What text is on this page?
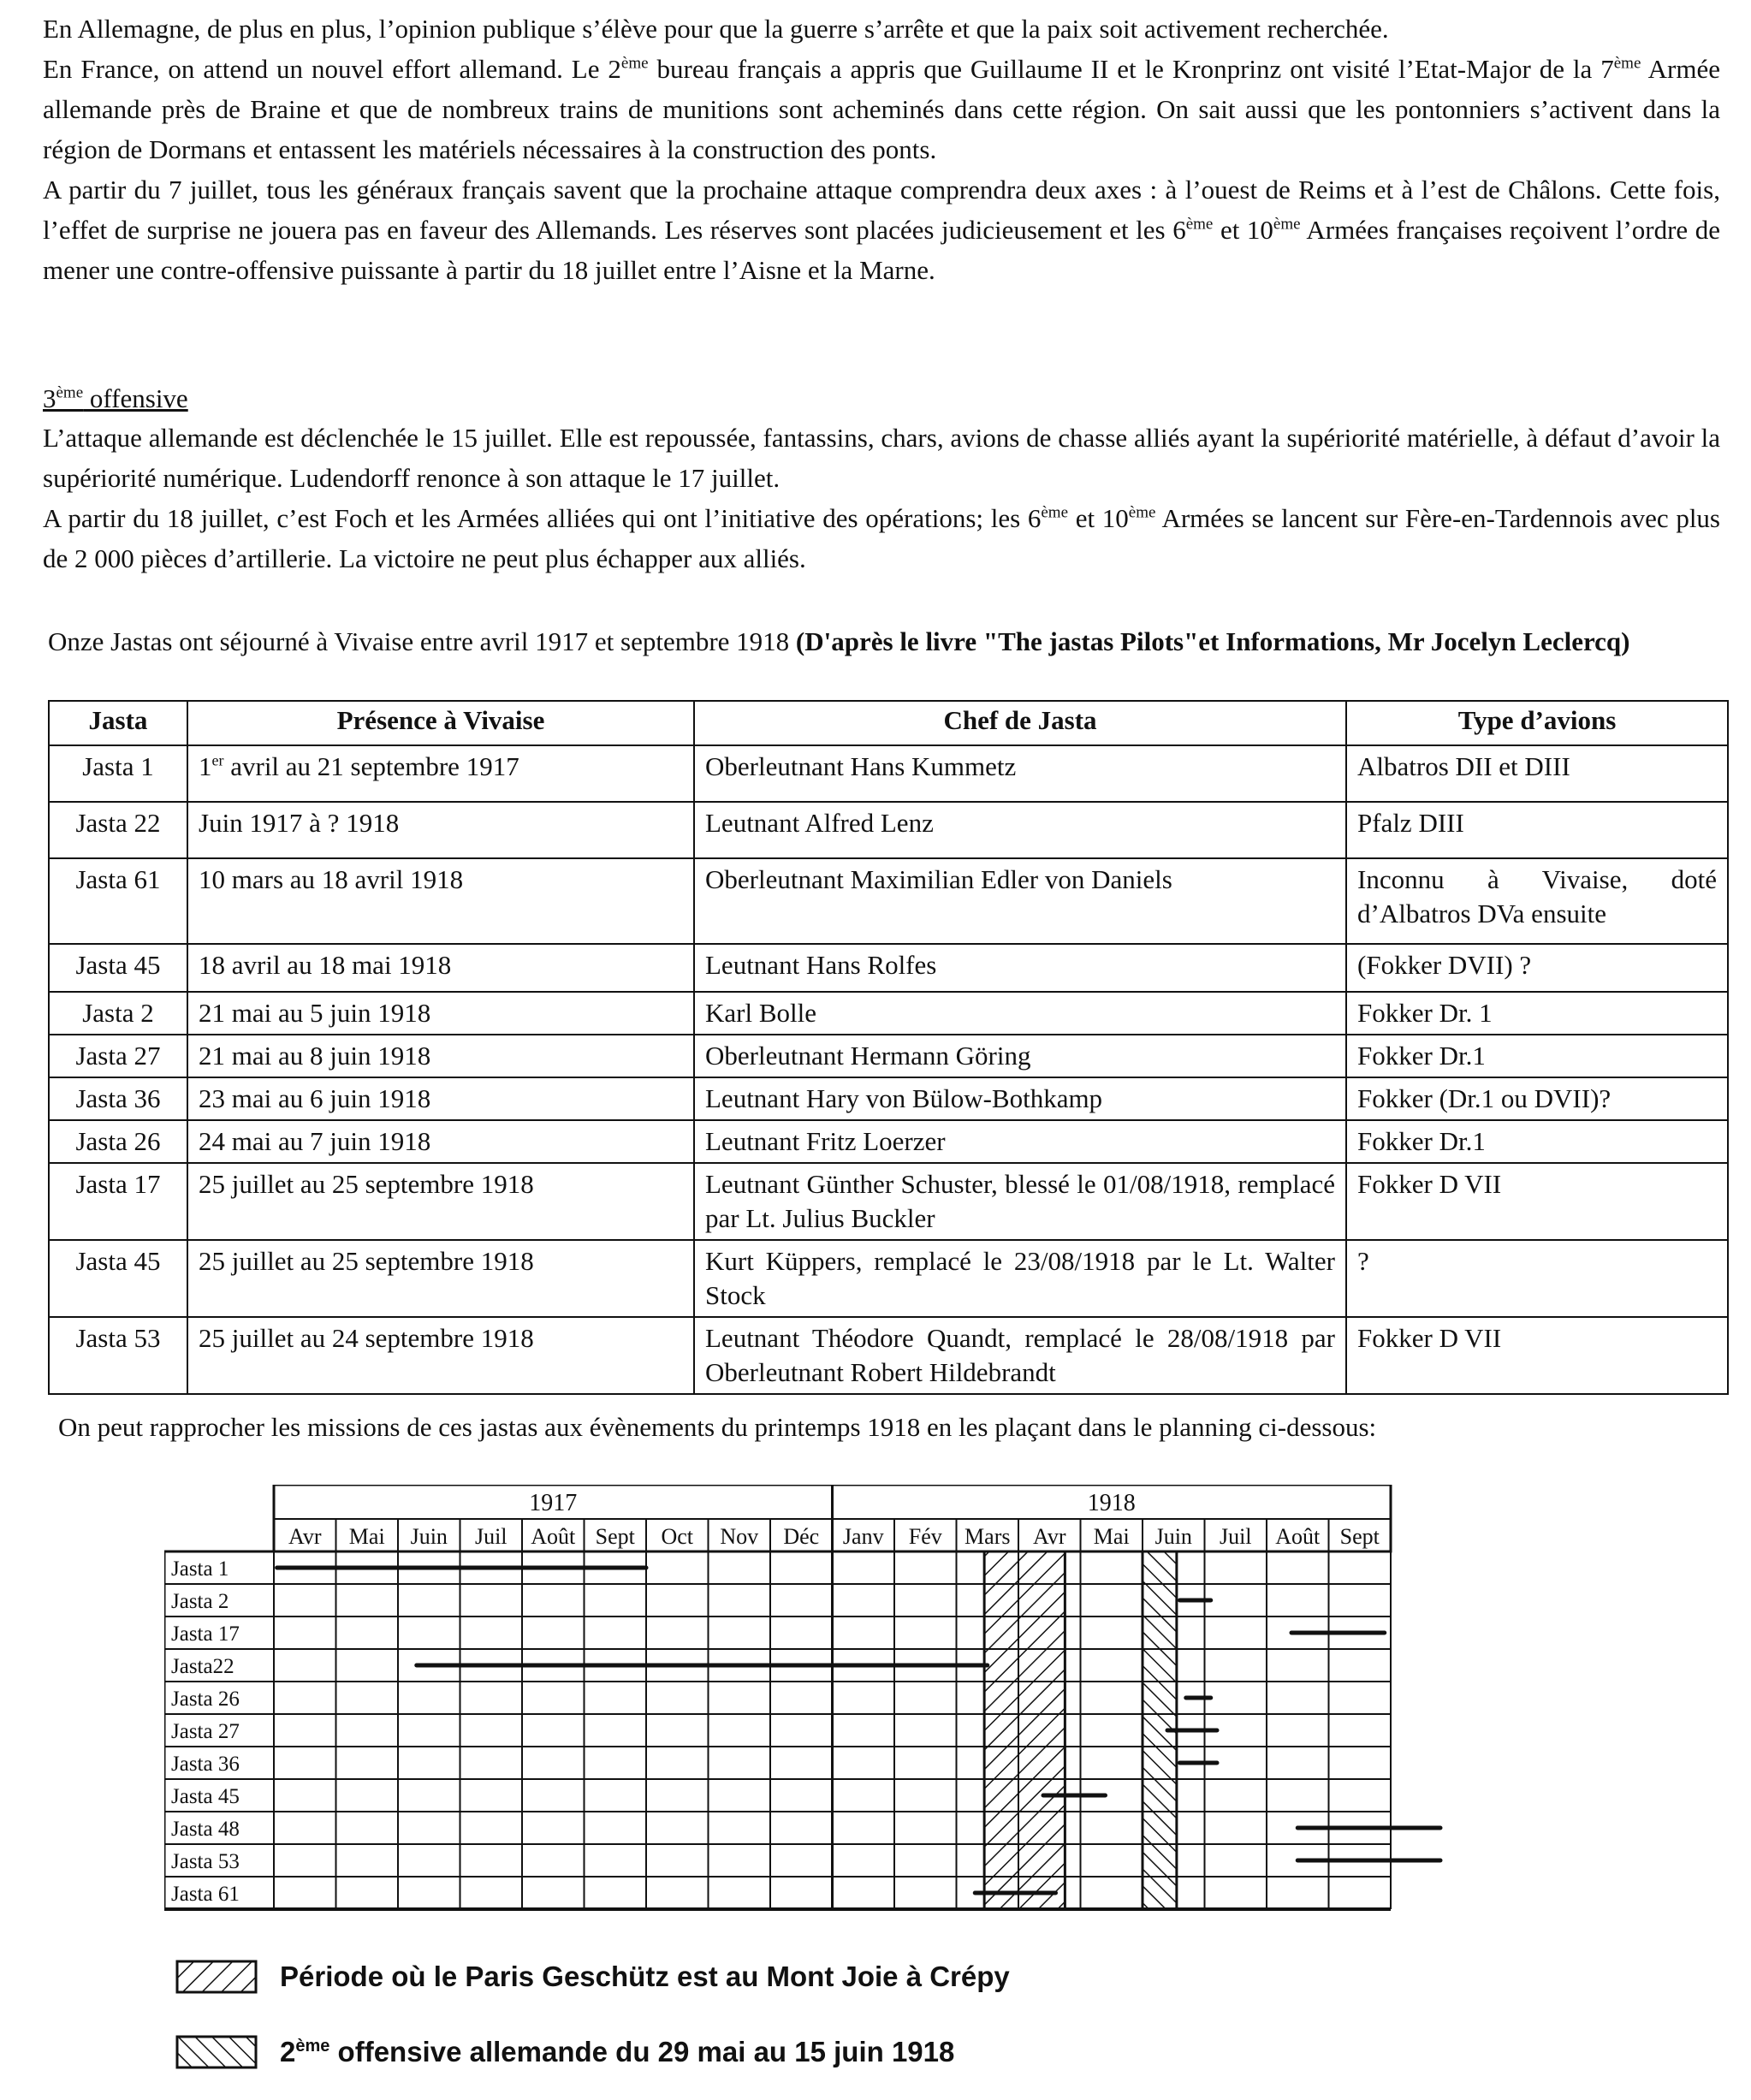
En Allemagne, de plus en plus, l’opinion publique s’élève pour que la guerre s’arrête et que la paix soit activement recherchée.
En France, on attend un nouvel effort allemand. Le 2ème bureau français a appris que Guillaume II et le Kronprinz ont visité l’Etat-Major de la 7ème Armée allemande près de Braine et que de nombreux trains de munitions sont acheminés dans cette région. On sait aussi que les pontonniers s’activent dans la région de Dormans et entassent les matériels nécessaires à la construction des ponts.
A partir du 7 juillet, tous les généraux français savent que la prochaine attaque comprendra deux axes : à l’ouest de Reims et à l’est de Châlons. Cette fois, l’effet de surprise ne jouera pas en faveur des Allemands. Les réserves sont placées judicieusement et les 6ème et 10ème Armées françaises reçoivent l’ordre de mener une contre-offensive puissante à partir du 18 juillet entre l’Aisne et la Marne.

3ème offensive

L’attaque allemande est déclenchée le 15 juillet. Elle est repoussée, fantassins, chars, avions de chasse alliés ayant la supériorité matérielle, à défaut d’avoir la supériorité numérique. Ludendorff renonce à son attaque le 17 juillet.
A partir du 18 juillet, c’est Foch et les Armées alliées qui ont l’initiative des opérations; les 6ème et 10ème Armées se lancent sur Fère-en-Tardennois avec plus de 2 000 pièces d’artillerie. La victoire ne peut plus échapper aux alliés.

Onze Jastas ont séjourné à Vivaise entre avril 1917 et septembre 1918 (D'après le livre "The jastas Pilots"et Informations, Mr Jocelyn Leclercq)
Jasta	Présence à Vivaise	Chef de Jasta	Type d’avions
Jasta 1	1er avril au 21 septembre 1917	Oberleutnant Hans Kummetz	Albatros DII et DIII
Jasta 22	Juin 1917 à ? 1918	Leutnant Alfred Lenz	Pfalz DIII
Jasta 61	10 mars au 18 avril 1918	Oberleutnant Maximilian Edler von Daniels	Inconnu à Vivaise, doté d’Albatros DVa ensuite
Jasta 45	18 avril au 18 mai 1918	Leutnant Hans Rolfes	(Fokker DVII) ?
Jasta 2	21 mai au 5 juin 1918	Karl Bolle	Fokker Dr. 1
Jasta 27	21 mai au 8 juin 1918	Oberleutnant Hermann Göring	Fokker Dr.1
Jasta 36	23 mai au 6 juin 1918	Leutnant Hary von Bülow-Bothkamp	Fokker (Dr.1 ou DVII)?
Jasta 26	24 mai au 7 juin 1918	Leutnant Fritz Loerzer	Fokker Dr.1
Jasta 17	25 juillet au 25 septembre 1918	Leutnant Günther Schuster, blessé le 01/08/1918, remplacé par Lt. Julius Buckler	Fokker D VII
Jasta 45	25 juillet au 25 septembre 1918	Kurt Küppers, remplacé le 23/08/1918 par le Lt. Walter Stock	?
Jasta 53	25 juillet au 24 septembre 1918	Leutnant Théodore Quandt, remplacé le 28/08/1918 par Oberleutnant Robert Hildebrandt	Fokker D VII
On peut rapprocher les missions de ces jastas aux évènements du printemps 1918 en les plaçant dans le planning ci-dessous:
1917	1918
Avr Mai Juin Juil Août Sept Oct Nov Déc Janv Fév Mars Avr Mai Juin Juil Août Sept
Jasta 1
Jasta 2
Jasta 17
Jasta22
Jasta 26
Jasta 27
Jasta 36
Jasta 45
Jasta 48
Jasta 53
Jasta 61
Période où le Paris Geschütz est au Mont Joie à Crépy
2ème offensive allemande du 29 mai au 15 juin 1918
